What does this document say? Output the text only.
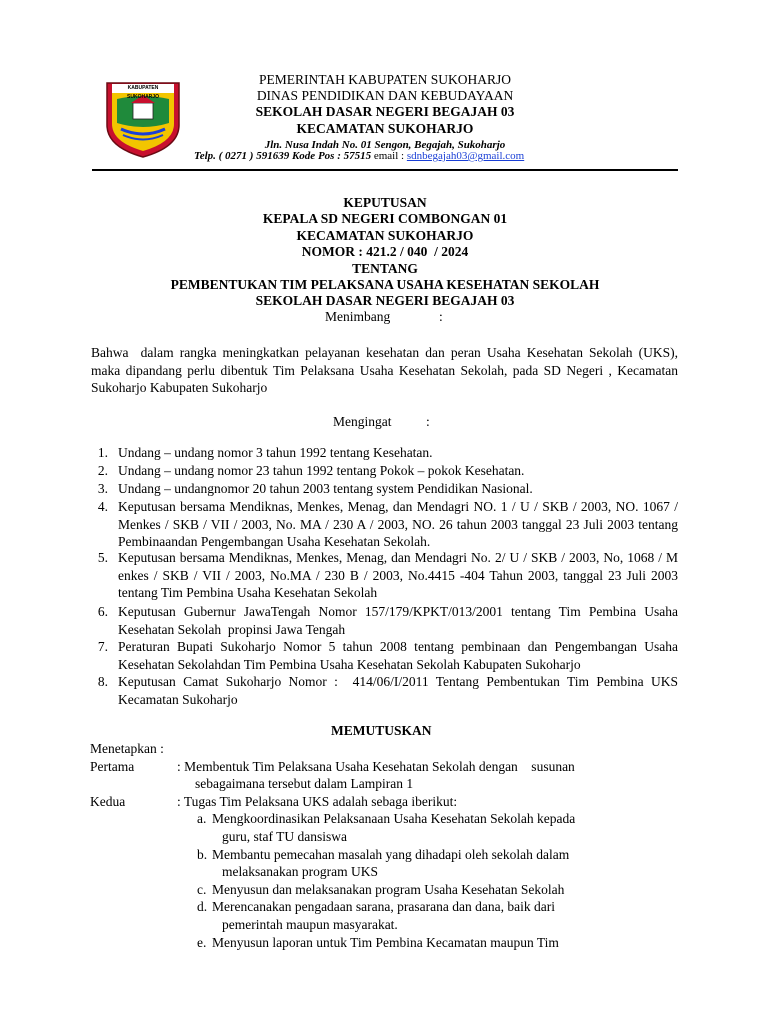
KABUPATEN SUKOHARJO
PEMERINTAH KABUPATEN SUKOHARJO
DINAS PENDIDIKAN DAN KEBUDAYAAN
SEKOLAH DASAR NEGERI BEGAJAH 03
KECAMATAN SUKOHARJO
Jln. Nusa Indah No. 01 Sengon, Begajah, Sukoharjo
Telp. ( 0271 ) 591639 Kode Pos : 57515 email : sdnbegajah03@gmail.com
KEPUTUSAN
KEPALA SD NEGERI COMBONGAN 01
KECAMATAN SUKOHARJO
NOMOR : 421.2 / 040  / 2024
TENTANG
PEMBENTUKAN TIM PELAKSANA USAHA KESEHATAN SEKOLAH
SEKOLAH DASAR NEGERI BEGAJAH 03
Menimbang	:
Bahwa  dalam rangka meningkatkan pelayanan kesehatan dan peran Usaha Kesehatan Sekolah (UKS), maka dipandang perlu dibentuk Tim Pelaksana Usaha Kesehatan Sekolah, pada SD Negeri , Kecamatan Sukoharjo Kabupaten Sukoharjo
Mengingat	:
1. Undang – undang nomor 3 tahun 1992 tentang Kesehatan.
2. Undang – undang nomor 23 tahun 1992 tentang Pokok – pokok Kesehatan.
3. Undang – undangnomor 20 tahun 2003 tentang system Pendidikan Nasional.
4. Keputusan bersama Mendiknas, Menkes, Menag, dan Mendagri NO. 1 / U / SKB / 2003, NO. 1067 / Menkes / SKB / VII / 2003, No. MA / 230 A / 2003, NO. 26 tahun 2003 tanggal 23 Juli 2003 tentang Pembinaandan Pengembangan Usaha Kesehatan Sekolah.
5. Keputusan bersama Mendiknas, Menkes, Menag, dan Mendagri No. 2/ U / SKB / 2003, No, 1068 / M  enkes / SKB / VII / 2003, No.MA / 230 B / 2003, No.4415 -404 Tahun 2003, tanggal 23 Juli 2003 tentang Tim Pembina Usaha Kesehatan Sekolah
6. Keputusan Gubernur JawaTengah Nomor 157/179/KPKT/013/2001 tentang Tim Pembina Usaha Kesehatan Sekolah  propinsi Jawa Tengah
7. Peraturan Bupati Sukoharjo Nomor 5 tahun 2008 tentang pembinaan dan Pengembangan Usaha Kesehatan Sekolahdan Tim Pembina Usaha Kesehatan Sekolah Kabupaten Sukoharjo
8. Keputusan Camat Sukoharjo Nomor :  414/06/I/2011 Tentang Pembentukan Tim Pembina UKS Kecamatan Sukoharjo
MEMUTUSKAN
Menetapkan :
Pertama	: Membentuk Tim Pelaksana Usaha Kesehatan Sekolah dengan    susunan
sebagaimana tersebut dalam Lampiran 1
Kedua	: Tugas Tim Pelaksana UKS adalah sebaga iberikut:
a. Mengkoordinasikan Pelaksanaan Usaha Kesehatan Sekolah kepada
guru, staf TU dansiswa
b. Membantu pemecahan masalah yang dihadapi oleh sekolah dalam
melaksanakan program UKS
c. Menyusun dan melaksanakan program Usaha Kesehatan Sekolah
d. Merencanakan pengadaan sarana, prasarana dan dana, baik dari
pemerintah maupun masyarakat.
e. Menyusun laporan untuk Tim Pembina Kecamatan maupun Tim
